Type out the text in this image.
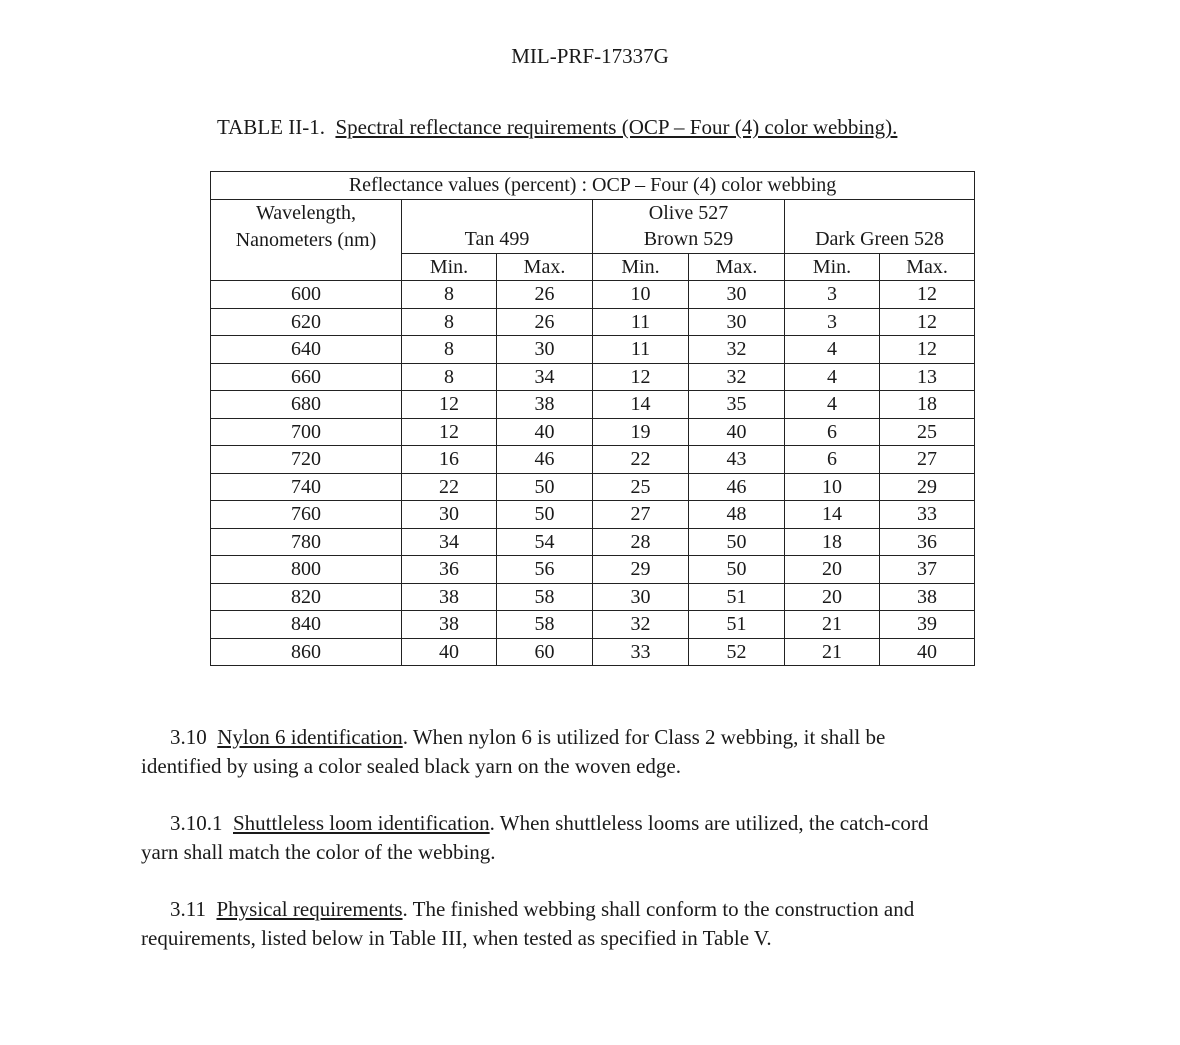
MIL-PRF-17337G
TABLE II-1. Spectral reflectance requirements (OCP – Four (4) color webbing).
Reflectance values (percent) : OCP – Four (4) color webbing						
Wavelength,			Olive 527			
Nanometers (nm)	Tan 499		Brown 529		Dark Green 528	
	Min.	Max.	Min.	Max.	Min.	Max.
600	8	26	10	30	3	12
620	8	26	11	30	3	12
640	8	30	11	32	4	12
660	8	34	12	32	4	13
680	12	38	14	35	4	18
700	12	40	19	40	6	25
720	16	46	22	43	6	27
740	22	50	25	46	10	29
760	30	50	27	48	14	33
780	34	54	28	50	18	36
800	36	56	29	50	20	37
820	38	58	30	51	20	38
840	38	58	32	51	21	39
860	40	60	33	52	21	40
3.10 Nylon 6 identification. When nylon 6 is utilized for Class 2 webbing, it shall be
identified by using a color sealed black yarn on the woven edge.
3.10.1 Shuttleless loom identification. When shuttleless looms are utilized, the catch-cord
yarn shall match the color of the webbing.
3.11 Physical requirements. The finished webbing shall conform to the construction and
requirements, listed below in Table III, when tested as specified in Table V.
